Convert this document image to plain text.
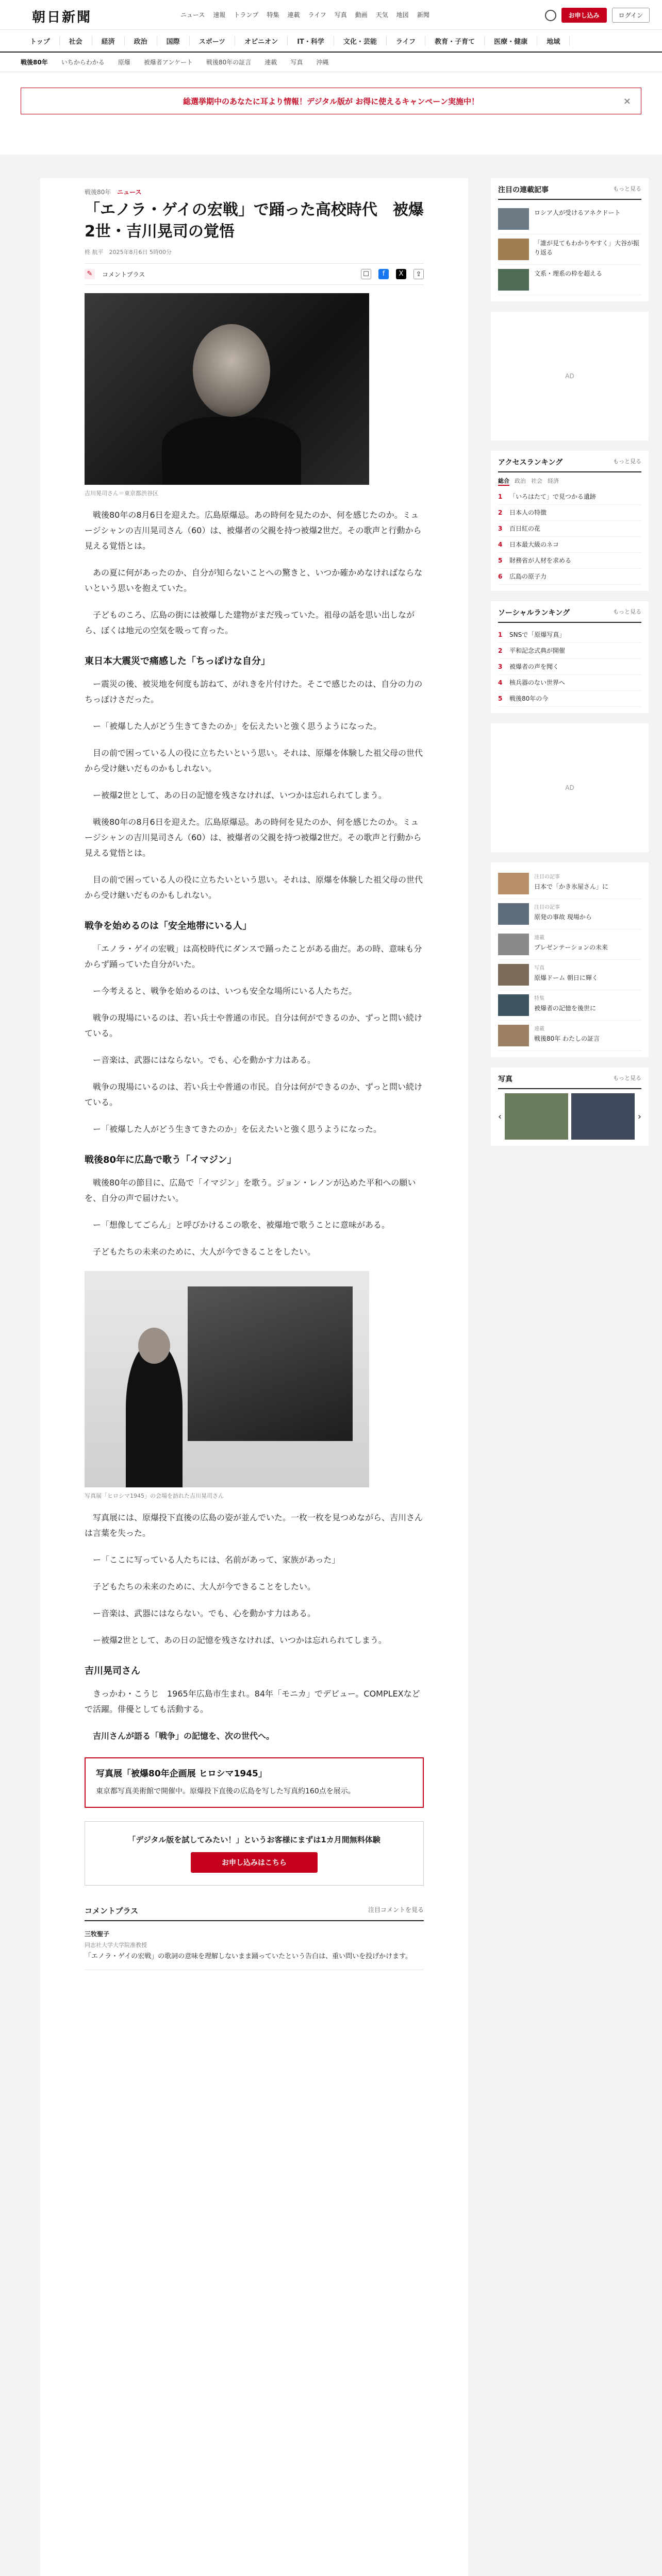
朝日新聞	ニュース 速報 トランプ 特集 連載 ライフ 写真 動画 天気 地図 新聞	お申し込み	ログイン
トップ	社会	経済	政治	国際	スポーツ	オピニオン	IT・科学	文化・芸能	ライフ	教育・子育て	医療・健康	地域
戦後80年 いちからわかる 原爆 被爆者アンケート 戦後80年の証言 連載 写真 沖縄
総選挙期中のあなたに耳より情報！デジタル版が お得に使えるキャンペーン実施中！	×
戦後80年 ニュース
「エノラ・ゲイの宏戦」で踊った高校時代　被爆2世・吉川晃司の覚悟
柊 航平　2025年8月6日 5時00分
✎	コメントプラス	☐	f	X	⇪
吉川晃司さん＝東京都渋谷区

戦後80年の8月6日を迎えた。広島原爆忌。あの時何を見たのか、何を感じたのか。ミュージシャンの吉川晃司さん（60）は、被爆者の父親を持つ被爆2世だ。その歌声と行動から見える覚悟とは。

あの夏に何があったのか、自分が知らないことへの驚きと、いつか確かめなければならないという思いを抱えていた。

子どものころ、広島の街には被爆した建物がまだ残っていた。祖母の話を思い出しながら、ぼくは地元の空気を吸って育った。

東日本大震災で痛感した「ちっぽけな自分」

ー震災の後、被災地を何度も訪ねて、がれきを片付けた。そこで感じたのは、自分の力のちっぽけさだった。

ー「被爆した人がどう生きてきたのか」を伝えたいと強く思うようになった。

目の前で困っている人の役に立ちたいという思い。それは、原爆を体験した祖父母の世代から受け継いだものかもしれない。

ー被爆2世として、あの日の記憶を残さなければ、いつかは忘れられてしまう。

戦後80年の8月6日を迎えた。広島原爆忌。あの時何を見たのか、何を感じたのか。ミュージシャンの吉川晃司さん（60）は、被爆者の父親を持つ被爆2世だ。その歌声と行動から見える覚悟とは。

目の前で困っている人の役に立ちたいという思い。それは、原爆を体験した祖父母の世代から受け継いだものかもしれない。

戦争を始めるのは「安全地帯にいる人」

「エノラ・ゲイの宏戦」は高校時代にダンスで踊ったことがある曲だ。あの時、意味も分からず踊っていた自分がいた。

ー今考えると、戦争を始めるのは、いつも安全な場所にいる人たちだ。

戦争の現場にいるのは、若い兵士や普通の市民。自分は何ができるのか、ずっと問い続けている。

ー音楽は、武器にはならない。でも、心を動かす力はある。

戦争の現場にいるのは、若い兵士や普通の市民。自分は何ができるのか、ずっと問い続けている。

ー「被爆した人がどう生きてきたのか」を伝えたいと強く思うようになった。

戦後80年に広島で歌う「イマジン」

戦後80年の節目に、広島で「イマジン」を歌う。ジョン・レノンが込めた平和への願いを、自分の声で届けたい。

ー「想像してごらん」と呼びかけるこの歌を、被爆地で歌うことに意味がある。

子どもたちの未来のために、大人が今できることをしたい。

写真展「ヒロシマ1945」の会場を訪れた吉川晃司さん

写真展には、原爆投下直後の広島の姿が並んでいた。一枚一枚を見つめながら、吉川さんは言葉を失った。

ー「ここに写っている人たちには、名前があって、家族があった」

子どもたちの未来のために、大人が今できることをしたい。

ー音楽は、武器にはならない。でも、心を動かす力はある。

ー被爆2世として、あの日の記憶を残さなければ、いつかは忘れられてしまう。

吉川晃司さん

きっかわ・こうじ　1965年広島市生まれ。84年「モニカ」でデビュー。COMPLEXなどで活躍。俳優としても活動する。

吉川さんが語る「戦争」の記憶を、次の世代へ。

写真展「被爆80年企画展 ヒロシマ1945」
東京都写真美術館で開催中。原爆投下直後の広島を写した写真約160点を展示。
「デジタル版を試してみたい！」というお客様にまずは1カ月間無料体験
お申し込みはこちら
コメントプラス	注目コメントを見る
三牧聖子
同志社大学大学院准教授
「エノラ・ゲイの宏戦」の歌詞の意味を理解しないまま踊っていたという告白は、重い問いを投げかけます。
注目の連載記事	もっと見る
ロシア人が受けるアネクドート
「誰が見てもわかりやすく」大谷が振り返る
文系・理系の枠を超える
AD
アクセスランキング	もっと見る
総合 政治 社会 経済
1	「いろはたて」で見つかる遺跡
2	日本人の特徴
3	百日紅の花
4	日本最大級のネコ
5	財務省が人材を求める
6	広島の原子力
ソーシャルランキング	もっと見る
1	SNSで「原爆写真」
2	平和記念式典が開催
3	被爆者の声を聞く
4	核兵器のない世界へ
5	戦後80年の今
AD
注目の記事
日本で「かき氷屋さん」に
注目の記事
原発の事故 現場から
連載
プレゼンテーションの未来
写真
原爆ドーム 朝日に輝く
特集
被爆者の記憶を後世に
連載
戦後80年 わたしの証言
写真	もっと見る
‹	›
